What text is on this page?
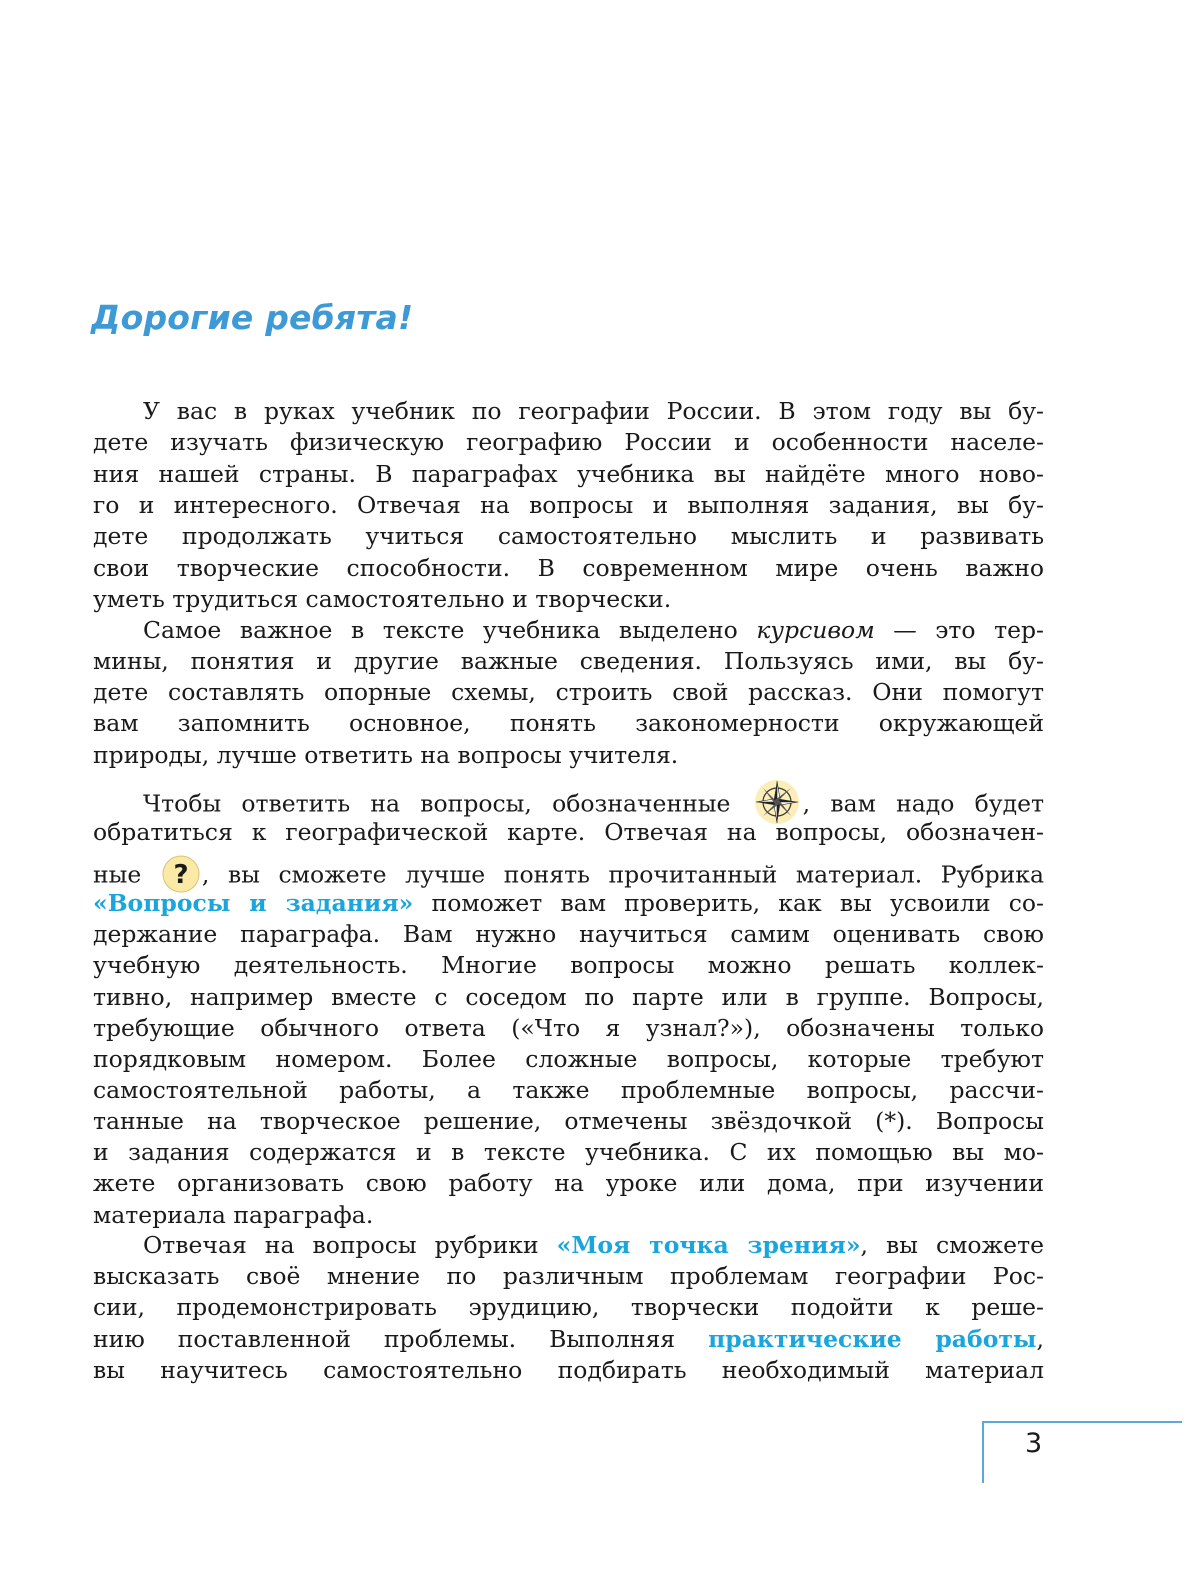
Дорогие ребята!
У вас в руках учебник по географии России. В этом году вы бу-
дете изучать физическую географию России и особенности населе-
ния нашей страны. В параграфах учебника вы найдёте много ново-
го и интересного. Отвечая на вопросы и выполняя задания, вы бу-
дете продолжать учиться самостоятельно мыслить и развивать
свои творческие способности. В современном мире очень важно
уметь трудиться самостоятельно и творчески.
Самое важное в тексте учебника выделено курсивом — это тер-
мины, понятия и другие важные сведения. Пользуясь ими, вы бу-
дете составлять опорные схемы, строить свой рассказ. Они помогут
вам запомнить основное, понять закономерности окружающей
природы, лучше ответить на вопросы учителя.
Чтобы ответить на вопросы, обозначенные	, вам надо будет
обратиться к географической карте. Отвечая на вопросы, обозначен-
ные ? , вы сможете лучше понять прочитанный материал. Рубрика
«Вопросы и задания» поможет вам проверить, как вы усвоили со-
держание параграфа. Вам нужно научиться самим оценивать свою
учебную деятельность. Многие вопросы можно решать коллек-
тивно, например вместе с соседом по парте или в группе. Вопросы,
требующие обычного ответа («Что я узнал?»), обозначены только
порядковым номером. Более сложные вопросы, которые требуют
самостоятельной работы, а также проблемные вопросы, рассчи-
танные на творческое решение, отмечены звёздочкой (*). Вопросы
и задания содержатся и в тексте учебника. С их помощью вы мо-
жете организовать свою работу на уроке или дома, при изучении
материала параграфа.
Отвечая на вопросы рубрики «Моя точка зрения», вы сможете
высказать своё мнение по различным проблемам географии Рос-
сии, продемонстрировать эрудицию, творчески подойти к реше-
нию поставленной проблемы. Выполняя практические работы,
вы научитесь самостоятельно подбирать необходимый материал
3
